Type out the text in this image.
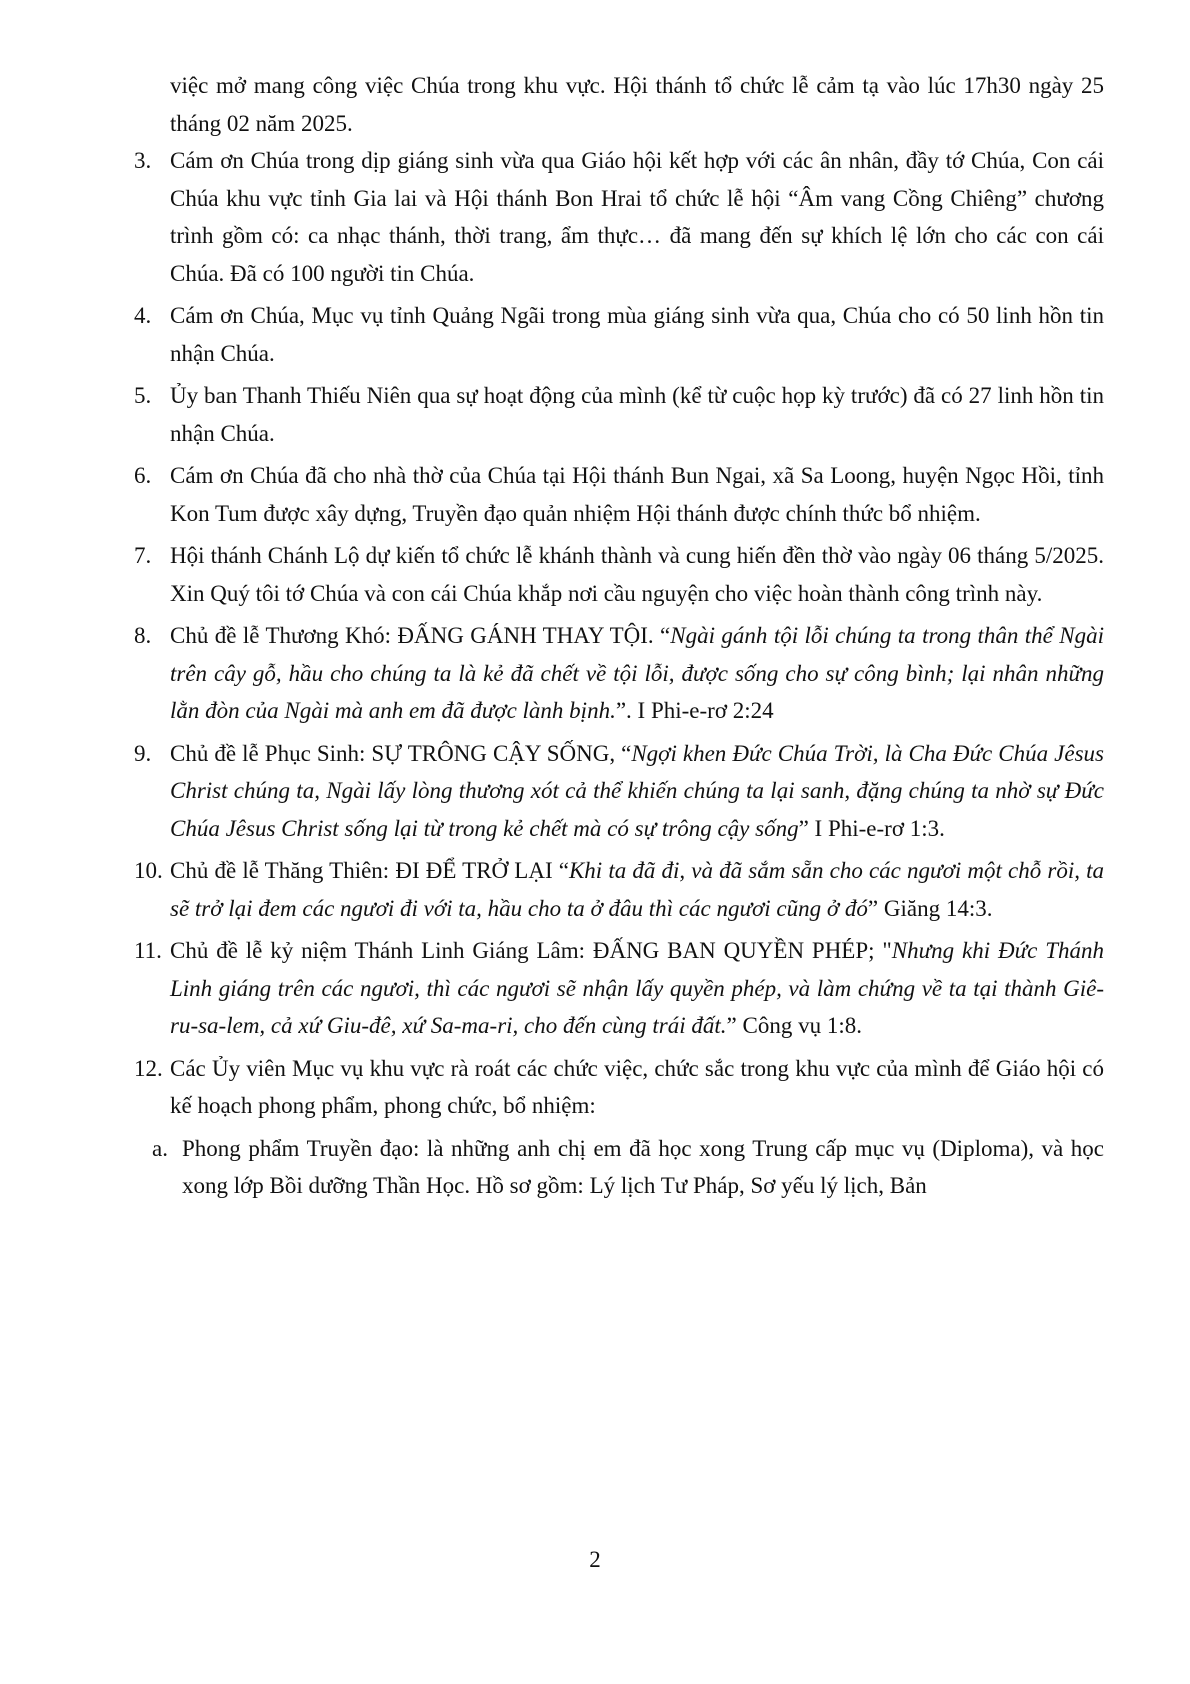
việc mở mang công việc Chúa trong khu vực. Hội thánh tổ chức lễ cảm tạ vào lúc 17h30 ngày 25 tháng 02 năm 2025.

3. Cám ơn Chúa trong dịp giáng sinh vừa qua Giáo hội kết hợp với các ân nhân, đầy tớ Chúa, Con cái Chúa khu vực tỉnh Gia lai và Hội thánh Bon Hrai tổ chức lễ hội “Âm vang Cồng Chiêng” chương trình gồm có: ca nhạc thánh, thời trang, ẩm thực… đã mang đến sự khích lệ lớn cho các con cái Chúa. Đã có 100 người tin Chúa.
4. Cám ơn Chúa, Mục vụ tỉnh Quảng Ngãi trong mùa giáng sinh vừa qua, Chúa cho có 50 linh hồn tin nhận Chúa.
5. Ủy ban Thanh Thiếu Niên qua sự hoạt động của mình (kể từ cuộc họp kỳ trước) đã có 27 linh hồn tin nhận Chúa.
6. Cám ơn Chúa đã cho nhà thờ của Chúa tại Hội thánh Bun Ngai, xã Sa Loong, huyện Ngọc Hồi, tỉnh Kon Tum được xây dựng, Truyền đạo quản nhiệm Hội thánh được chính thức bổ nhiệm.
7. Hội thánh Chánh Lộ dự kiến tổ chức lễ khánh thành và cung hiến đền thờ vào ngày 06 tháng 5/2025. Xin Quý tôi tớ Chúa và con cái Chúa khắp nơi cầu nguyện cho việc hoàn thành công trình này.
8. Chủ đề lễ Thương Khó: ĐẤNG GÁNH THAY TỘI. “Ngài gánh tội lỗi chúng ta trong thân thể Ngài trên cây gỗ, hầu cho chúng ta là kẻ đã chết về tội lỗi, được sống cho sự công bình; lại nhân những lằn đòn của Ngài mà anh em đã được lành bịnh.”. I Phi-e-rơ 2:24
9. Chủ đề lễ Phục Sinh: SỰ TRÔNG CẬY SỐNG, “Ngợi khen Đức Chúa Trời, là Cha Đức Chúa Jêsus Christ chúng ta, Ngài lấy lòng thương xót cả thể khiến chúng ta lại sanh, đặng chúng ta nhờ sự Đức Chúa Jêsus Christ sống lại từ trong kẻ chết mà có sự trông cậy sống” I Phi-e-rơ 1:3.
10. Chủ đề lễ Thăng Thiên: ĐI ĐỂ TRỞ LẠI “Khi ta đã đi, và đã sắm sẵn cho các ngươi một chỗ rồi, ta sẽ trở lại đem các ngươi đi với ta, hầu cho ta ở đâu thì các ngươi cũng ở đó” Giăng 14:3.
11. Chủ đề lễ kỷ niệm Thánh Linh Giáng Lâm: ĐẤNG BAN QUYỀN PHÉP; "Nhưng khi Đức Thánh Linh giáng trên các ngươi, thì các ngươi sẽ nhận lấy quyền phép, và làm chứng về ta tại thành Giê-ru-sa-lem, cả xứ Giu-đê, xứ Sa-ma-ri, cho đến cùng trái đất.” Công vụ 1:8.
12. Các Ủy viên Mục vụ khu vực rà roát các chức việc, chức sắc trong khu vực của mình để Giáo hội có kế hoạch phong phẩm, phong chức, bổ nhiệm:
a. Phong phẩm Truyền đạo: là những anh chị em đã học xong Trung cấp mục vụ (Diploma), và học xong lớp Bồi dưỡng Thần Học. Hồ sơ gồm: Lý lịch Tư Pháp, Sơ yếu lý lịch, Bản
2
